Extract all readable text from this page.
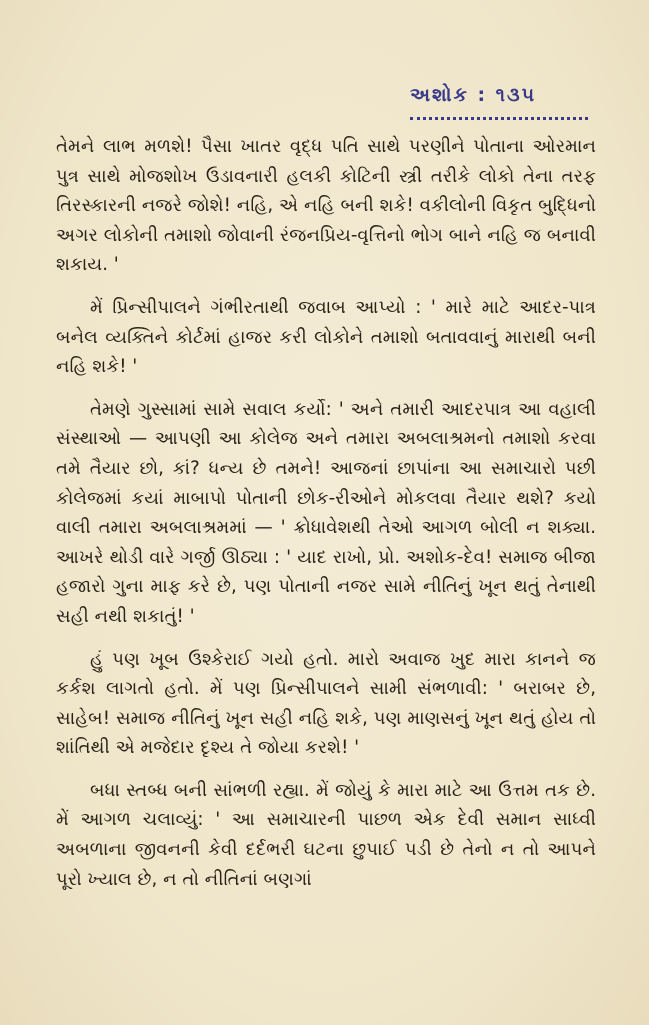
અશોક : ૧૩૫

તેમને લાભ મળશે! પૈસા ખાતર વૃદ્ધ પતિ સાથે પરણીને પોતાના ઓરમાન પુત્ર સાથે મોજશોખ ઉડાવનારી હલકી કોટિની સ્ત્રી તરીકે લોકો તેના તરફ તિરસ્કારની નજરે જોશે! નહિ, એ નહિ બની શકે! વકીલોની વિકૃત બુદ્ધિનો અગર લોકોની તમાશો જોવાની રંજનપ્રિય-વૃત્તિનો ભોગ બાને નહિ જ બનાવી શકાય. '

મેં પ્રિન્સીપાલને ગંભીરતાથી જવાબ આપ્યો : ' મારે માટે આદર-પાત્ર બનેલ વ્યક્તિને કોર્ટમાં હાજર કરી લોકોને તમાશો બતાવવાનું મારાથી બની નહિ શકે! '

તેમણે ગુસ્સામાં સામે સવાલ કર્યો: ' અને તમારી આદરપાત્ર આ વહાલી સંસ્થાઓ — આપણી આ કોલેજ અને તમારા અબલાશ્રમનો તમાશો કરવા તમે તૈયાર છો, કાં? ધન્ય છે તમને! આજનાં છાપાંના આ સમાચારો પછી કોલેજમાં કયાં માબાપો પોતાની છોક-રીઓને મોકલવા તૈયાર થશે? કયો વાલી તમારા અબલાશ્રમમાં — ' ક્રોધાવેશથી તેઓ આગળ બોલી ન શક્યા. આખરે થોડી વારે ગર્જી ઊઠ્યા : ' યાદ રાખો, પ્રો. અશોક-દેવ! સમાજ બીજા હજારો ગુના માફ કરે છે, પણ પોતાની નજર સામે નીતિનું ખૂન થતું તેનાથી સહી નથી શકાતું! '

હું પણ ખૂબ ઉશ્કેરાઈ ગયો હતો. મારો અવાજ ખુદ મારા કાનને જ કર્કશ લાગતો હતો. મેં પણ પ્રિન્સીપાલને સામી સંભળાવી: ' બરાબર છે, સાહેબ! સમાજ નીતિનું ખૂન સહી નહિ શકે, પણ માણસનું ખૂન થતું હોય તો શાંતિથી એ મજેદાર દૃશ્ય તે જોયા કરશે! '

બધા સ્તબ્ધ બની સાંભળી રહ્યા. મેં જોયું કે મારા માટે આ ઉત્તમ તક છે. મેં આગળ ચલાવ્યું: ' આ સમાચારની પાછળ એક દેવી સમાન સાધ્વી અબળાના જીવનની કેવી દર્દભરી ઘટના છુપાઈ પડી છે તેનો ન તો આપને પૂરો ખ્યાલ છે, ન તો નીતિનાં બણગાં
